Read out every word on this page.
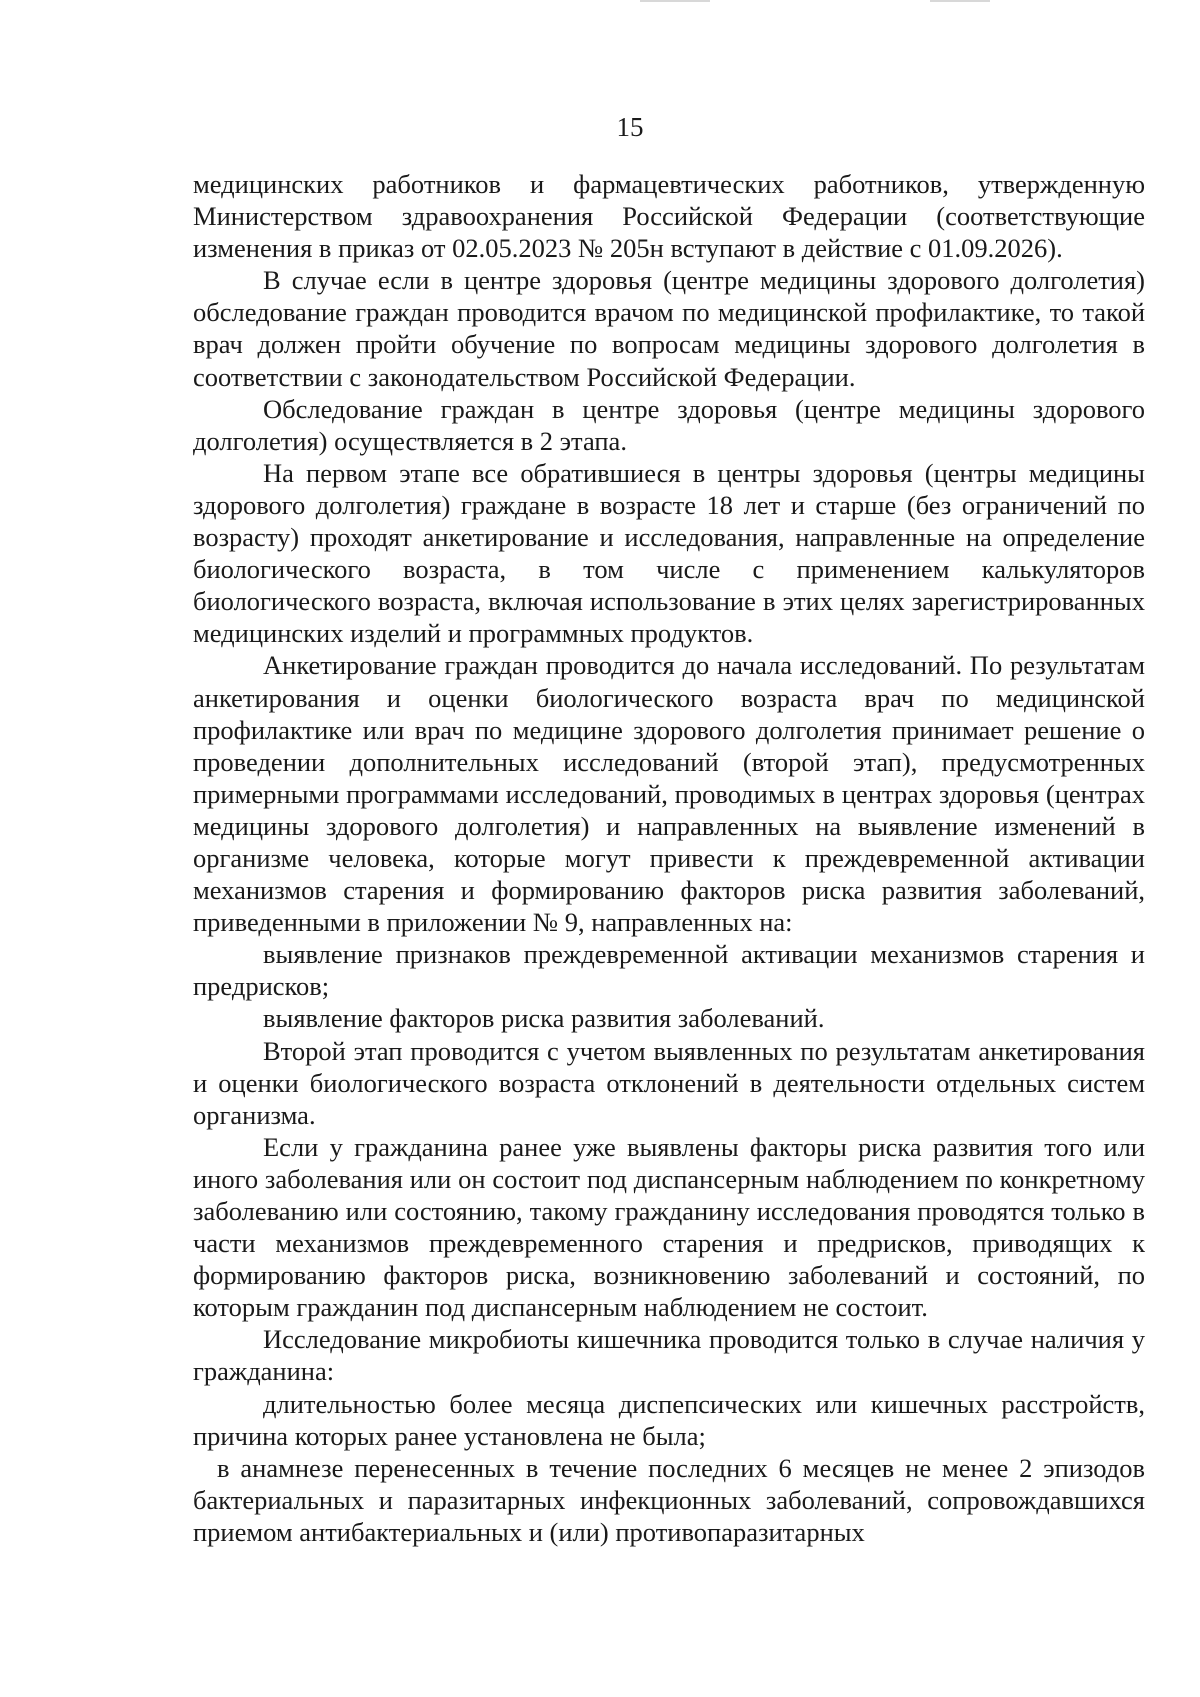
15

медицинских работников и фармацевтических работников, утвержденную Министерством здравоохранения Российской Федерации (соответствующие изменения в приказ от 02.05.2023 № 205н вступают в действие с 01.09.2026).

В случае если в центре здоровья (центре медицины здорового долголетия) обследование граждан проводится врачом по медицинской профилактике, то такой врач должен пройти обучение по вопросам медицины здорового долголетия в соответствии с законодательством Российской Федерации.

Обследование граждан в центре здоровья (центре медицины здорового долголетия) осуществляется в 2 этапа.

На первом этапе все обратившиеся в центры здоровья (центры медицины здорового долголетия) граждане в возрасте 18 лет и старше (без ограничений по возрасту) проходят анкетирование и исследования, направленные на определение биологического возраста, в том числе с применением калькуляторов биологического возраста, включая использование в этих целях зарегистрированных медицинских изделий и программных продуктов.

Анкетирование граждан проводится до начала исследований. По результатам анкетирования и оценки биологического возраста врач по медицинской профилактике или врач по медицине здорового долголетия принимает решение о проведении дополнительных исследований (второй этап), предусмотренных примерными программами исследований, проводимых в центрах здоровья (центрах медицины здорового долголетия) и направленных на выявление изменений в организме человека, которые могут привести к преждевременной активации механизмов старения и формированию факторов риска развития заболеваний, приведенными в приложении № 9, направленных на:

выявление признаков преждевременной активации механизмов старения и предрисков;

выявление факторов риска развития заболеваний.

Второй этап проводится с учетом выявленных по результатам анкетирования и оценки биологического возраста отклонений в деятельности отдельных систем организма.

Если у гражданина ранее уже выявлены факторы риска развития того или иного заболевания или он состоит под диспансерным наблюдением по конкретному заболеванию или состоянию, такому гражданину исследования проводятся только в части механизмов преждевременного старения и предрисков, приводящих к формированию факторов риска, возникновению заболеваний и состояний, по которым гражданин под диспансерным наблюдением не состоит.

Исследование микробиоты кишечника проводится только в случае наличия у гражданина:

длительностью более месяца диспепсических или кишечных расстройств, причина которых ранее установлена не была;

в анамнезе перенесенных в течение последних 6 месяцев не менее 2 эпизодов бактериальных и паразитарных инфекционных заболеваний, сопровождавшихся приемом антибактериальных и (или) противопаразитарных
